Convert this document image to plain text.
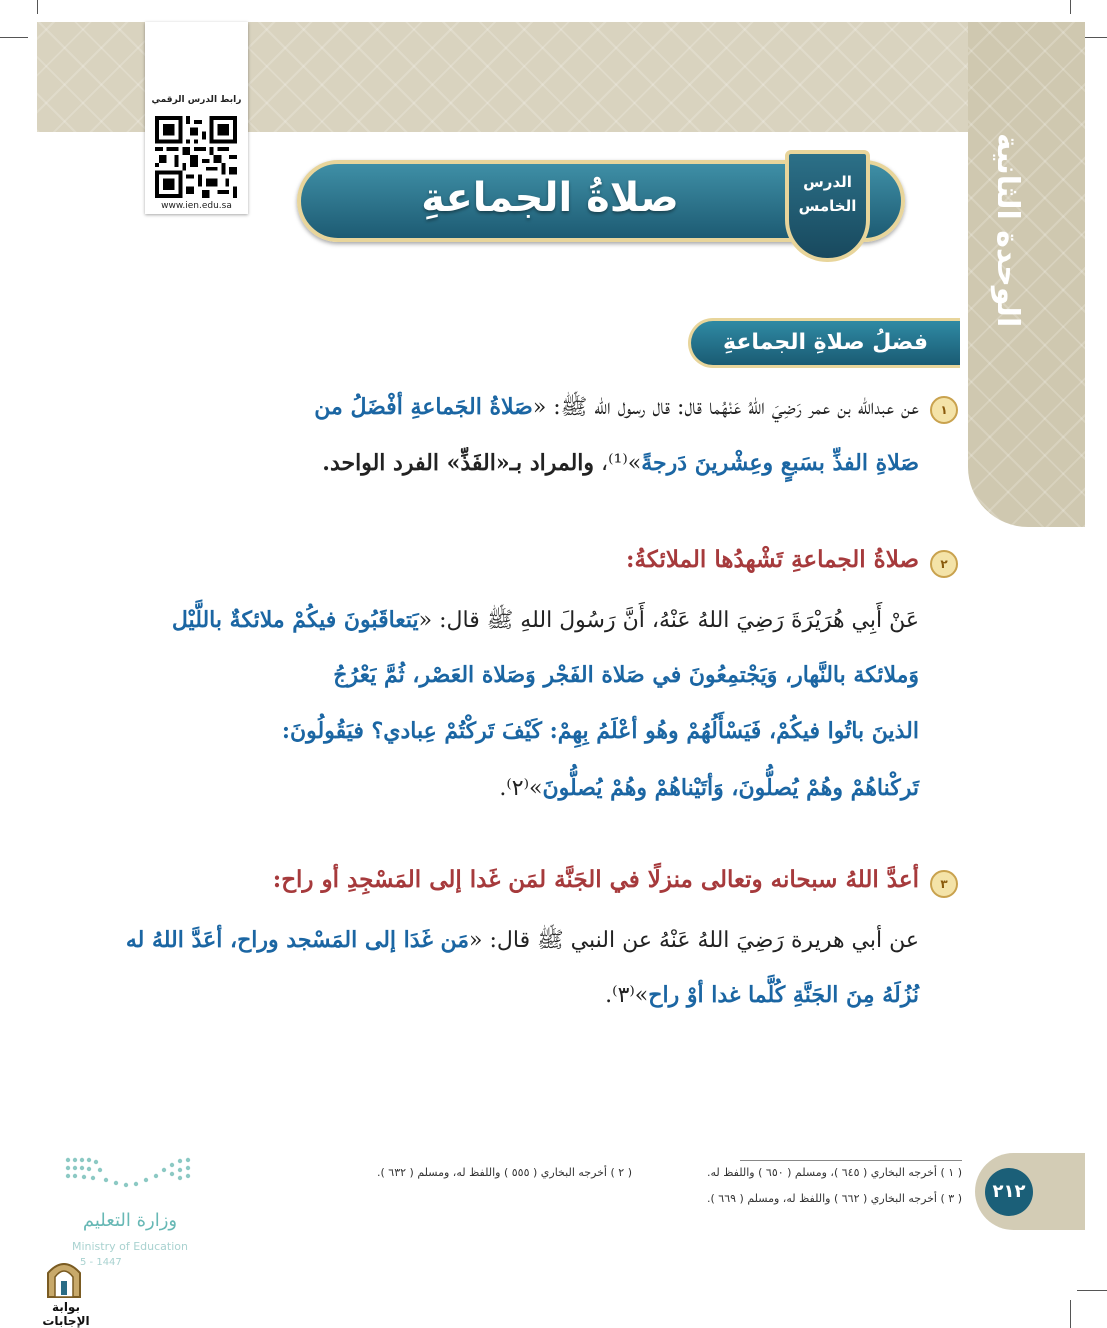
الوحدة الثانية
رابط الدرس الرقمي
www.ien.edu.sa	صلاةُ الجماعةِ	الدرس
الخامس
فضلُ صلاةِ الجماعةِ
١
عن عبدالله بن عمر رَضِيَ اللهُ عَنْهُما قال: قال رسول الله ﷺ: «صَلاةُ الجَماعةِ أفْضَلُ من
صَلاةِ الفذِّ بسَبعٍ وعِشْرينَ دَرجةً»⁽¹⁾، والمراد بـ«الفَذِّ» الفرد الواحد.
٢
صلاةُ الجماعةِ تَشْهدُها الملائكةُ:
عَنْ أَبِي هُرَيْرَةَ رَضِيَ اللهُ عَنْهُ، أَنَّ رَسُولَ اللهِ ﷺ قال: «يَتعاقَبُونَ فيكُمْ ملائكةٌ باللَّيْل
وَملائكة بالنَّهار، وَيَجْتمِعُونَ في صَلاة الفَجْر وَصَلاة العَصْر، ثُمَّ يَعْرُجُ
الذينَ باتُوا فيكُمْ، فَيَسْأَلُهُمْ وهُو أعْلَمُ بِهِمْ: كَيْفَ تَركْتُمْ عِبادي؟ فيَقُولُونَ:
تَركْناهُمْ وهُمْ يُصلُّونَ، وَأتَيْناهُمْ وهُمْ يُصلُّونَ»⁽٢⁾.
٣
أعدَّ اللهُ سبحانه وتعالى منزلًا في الجَنَّة لمَن غَدا إلى المَسْجِدِ أو راح:
عن أبي هريرة رَضِيَ اللهُ عَنْهُ عن النبي ﷺ قال: «مَن غَدَا إلى المَسْجد وراح، أعَدَّ اللهُ له
نُزُلَهُ مِنَ الجَنَّةِ كُلَّما غدا أوْ راح»⁽٣⁾.
( ١ ) أخرجه البخاري ( ٦٤٥ )، ومسلم ( ٦٥٠ ) واللفظ له.
( ٢ ) أخرجه البخاري ( ٥٥٥ ) واللفظ له، ومسلم ( ٦٣٢ ).
( ٣ ) أخرجه البخاري ( ٦٦٢ ) واللفظ له، ومسلم ( ٦٦٩ ).	٢١٢
وزارة التعليم
Ministry of Education
5 - 1447
بوابة الإجابات
